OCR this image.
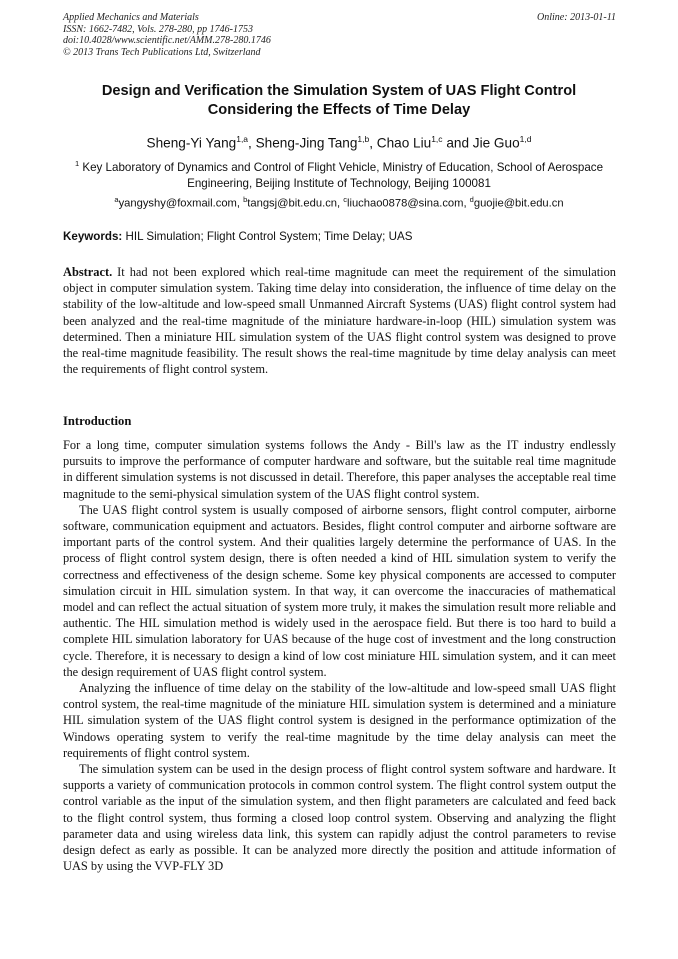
Applied Mechanics and Materials
ISSN: 1662-7482, Vols. 278-280, pp 1746-1753
doi:10.4028/www.scientific.net/AMM.278-280.1746
© 2013 Trans Tech Publications Ltd, Switzerland
Online: 2013-01-11
Design and Verification the Simulation System of UAS Flight Control
Considering the Effects of Time Delay
Sheng-Yi Yang$^{1,a}$, Sheng-Jing Tang$^{1,b}$, Chao Liu$^{1,c}$ and Jie Guo$^{1,d}$
$^1$ Key Laboratory of Dynamics and Control of Flight Vehicle, Ministry of Education, School of Aerospace Engineering, Beijing Institute of Technology, Beijing 100081
$^a$yangyshy@foxmail.com, $^b$tangsj@bit.edu.cn, $^c$liuchao0878@sina.com, $^d$guojie@bit.edu.cn
Keywords: HIL Simulation; Flight Control System; Time Delay; UAS
Abstract. It had not been explored which real-time magnitude can meet the requirement of the simulation object in computer simulation system. Taking time delay into consideration, the influence of time delay on the stability of the low-altitude and low-speed small Unmanned Aircraft Systems (UAS) flight control system had been analyzed and the real-time magnitude of the miniature hardware-in-loop (HIL) simulation system was determined. Then a miniature HIL simulation system of the UAS flight control system was designed to prove the real-time magnitude feasibility. The result shows the real-time magnitude by time delay analysis can meet the requirements of flight control system.
Introduction

For a long time, computer simulation systems follows the Andy - Bill's law as the IT industry endlessly pursuits to improve the performance of computer hardware and software, but the suitable real time magnitude in different simulation systems is not discussed in detail. Therefore, this paper analyses the acceptable real time magnitude to the semi-physical simulation system of the UAS flight control system.

The UAS flight control system is usually composed of airborne sensors, flight control computer, airborne software, communication equipment and actuators. Besides, flight control computer and airborne software are important parts of the control system. And their qualities largely determine the performance of UAS. In the process of flight control system design, there is often needed a kind of HIL simulation system to verify the correctness and effectiveness of the design scheme. Some key physical components are accessed to computer simulation circuit in HIL simulation system. In that way, it can overcome the inaccuracies of mathematical model and can reflect the actual situation of system more truly, it makes the simulation result more reliable and authentic. The HIL simulation method is widely used in the aerospace field. But there is too hard to build a complete HIL simulation laboratory for UAS because of the huge cost of investment and the long construction cycle. Therefore, it is necessary to design a kind of low cost miniature HIL simulation system, and it can meet the design requirement of UAS flight control system.

Analyzing the influence of time delay on the stability of the low-altitude and low-speed small UAS flight control system, the real-time magnitude of the miniature HIL simulation system is determined and a miniature HIL simulation system of the UAS flight control system is designed in the performance optimization of the Windows operating system to verify the real-time magnitude by the time delay analysis can meet the requirements of flight control system.

The simulation system can be used in the design process of flight control system software and hardware. It supports a variety of communication protocols in common control system. The flight control system output the control variable as the input of the simulation system, and then flight parameters are calculated and feed back to the flight control system, thus forming a closed loop control system. Observing and analyzing the flight parameter data and using wireless data link, this system can rapidly adjust the control parameters to revise design defect as early as possible. It can be analyzed more directly the position and attitude information of UAS by using the VVP-FLY 3D
